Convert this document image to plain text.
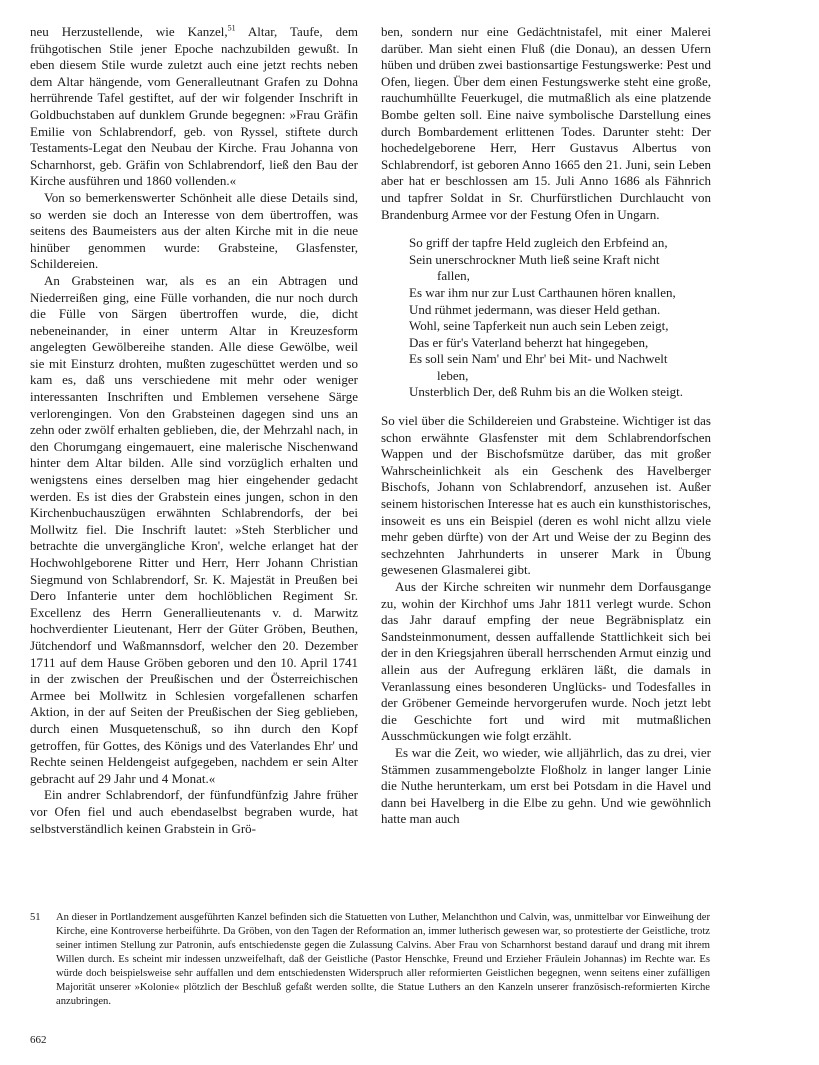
neu Herzustellende, wie Kanzel,$^{51}$ Altar, Taufe, dem frühgotischen Stile jener Epoche nachzubilden gewußt. In eben diesem Stile wurde zuletzt auch eine jetzt rechts neben dem Altar hängende, vom Generalleutnant Grafen zu Dohna herrührende Tafel gestiftet, auf der wir folgender Inschrift in Goldbuchstaben auf dunklem Grunde begegnen: »Frau Gräfin Emilie von Schlabrendorf, geb. von Ryssel, stiftete durch Testaments-Legat den Neubau der Kirche. Frau Johanna von Scharnhorst, geb. Gräfin von Schlabrendorf, ließ den Bau der Kirche ausführen und 1860 vollenden.«

Von so bemerkenswerter Schönheit alle diese Details sind, so werden sie doch an Interesse von dem übertroffen, was seitens des Baumeisters aus der alten Kirche mit in die neue hinüber genommen wurde: Grabsteine, Glasfenster, Schildereien.

An Grabsteinen war, als es an ein Abtragen und Niederreißen ging, eine Fülle vorhanden, die nur noch durch die Fülle von Särgen übertroffen wurde, die, dicht nebeneinander, in einer unterm Altar in Kreuzesform angelegten Gewölbereihe standen. Alle diese Gewölbe, weil sie mit Einsturz drohten, mußten zugeschüttet werden und so kam es, daß uns verschiedene mit mehr oder weniger interessanten Inschriften und Emblemen versehene Särge verlorengingen. Von den Grabsteinen dagegen sind uns an zehn oder zwölf erhalten geblieben, die, der Mehrzahl nach, in den Chorumgang eingemauert, eine malerische Nischenwand hinter dem Altar bilden. Alle sind vorzüglich erhalten und wenigstens eines derselben mag hier eingehender gedacht werden. Es ist dies der Grabstein eines jungen, schon in den Kirchenbuchauszügen erwähnten Schlabrendorfs, der bei Mollwitz fiel. Die Inschrift lautet: »Steh Sterblicher und betrachte die unvergängliche Kron', welche erlanget hat der Hochwohlgeborene Ritter und Herr, Herr Johann Christian Siegmund von Schlabrendorf, Sr. K. Majestät in Preußen bei Dero Infanterie unter dem hochlöblichen Regiment Sr. Excellenz des Herrn Generallieutenants v. d. Marwitz hochverdienter Lieutenant, Herr der Güter Gröben, Beuthen, Jütchendorf und Waßmannsdorf, welcher den 20. Dezember 1711 auf dem Hause Gröben geboren und den 10. April 1741 in der zwischen der Preußischen und der Österreichischen Armee bei Mollwitz in Schlesien vorgefallenen scharfen Aktion, in der auf Seiten der Preußischen der Sieg geblieben, durch einen Musquetenschuß, so ihn durch den Kopf getroffen, für Gottes, des Königs und des Vaterlandes Ehr' und Rechte seinen Heldengeist aufgegeben, nachdem er sein Alter gebracht auf 29 Jahr und 4 Monat.«

Ein andrer Schlabrendorf, der fünfundfünfzig Jahre früher vor Ofen fiel und auch ebendaselbst begraben wurde, hat selbstverständlich keinen Grabstein in Grö-

ben, sondern nur eine Gedächtnistafel, mit einer Malerei darüber. Man sieht einen Fluß (die Donau), an dessen Ufern hüben und drüben zwei bastionsartige Festungswerke: Pest und Ofen, liegen. Über dem einen Festungswerke steht eine große, rauchumhüllte Feuerkugel, die mutmaßlich als eine platzende Bombe gelten soll. Eine naive symbolische Darstellung eines durch Bombardement erlittenen Todes. Darunter steht: Der hochedelgeborene Herr, Herr Gustavus Albertus von Schlabrendorf, ist geboren Anno 1665 den 21. Juni, sein Leben aber hat er beschlossen am 15. Juli Anno 1686 als Fähnrich und tapfrer Soldat in Sr. Churfürstlichen Durchlaucht von Brandenburg Armee vor der Festung Ofen in Ungarn.

So griff der tapfre Held zugleich den Erbfeind an,

Sein unerschrockner Muth ließ seine Kraft nicht
fallen,

Es war ihm nur zur Lust Carthaunen hören knallen,

Und rühmet jedermann, was dieser Held gethan.

Wohl, seine Tapferkeit nun auch sein Leben zeigt,

Das er für's Vaterland beherzt hat hingegeben,

Es soll sein Nam' und Ehr' bei Mit- und Nachwelt
leben,

Unsterblich Der, deß Ruhm bis an die Wolken steigt.

So viel über die Schildereien und Grabsteine. Wichtiger ist das schon erwähnte Glasfenster mit dem Schlabrendorfschen Wappen und der Bischofsmütze darüber, das mit großer Wahrscheinlichkeit als ein Geschenk des Havelberger Bischofs, Johann von Schlabrendorf, anzusehen ist. Außer seinem historischen Interesse hat es auch ein kunsthistorisches, insoweit es uns ein Beispiel (deren es wohl nicht allzu viele mehr geben dürfte) von der Art und Weise der zu Beginn des sechzehnten Jahrhunderts in unserer Mark in Übung gewesenen Glasmalerei gibt.

Aus der Kirche schreiten wir nunmehr dem Dorfausgange zu, wohin der Kirchhof ums Jahr 1811 verlegt wurde. Schon das Jahr darauf empfing der neue Begräbnisplatz ein Sandsteinmonument, dessen auffallende Stattlichkeit sich bei der in den Kriegsjahren überall herrschenden Armut einzig und allein aus der Aufregung erklären läßt, die damals in Veranlassung eines besonderen Unglücks- und Todesfalles in der Gröbener Gemeinde hervorgerufen wurde. Noch jetzt lebt die Geschichte fort und wird mit mutmaßlichen Ausschmückungen wie folgt erzählt.

Es war die Zeit, wo wieder, wie alljährlich, das zu drei, vier Stämmen zusammengebolzte Floßholz in langer langer Linie die Nuthe herunterkam, um erst bei Potsdam in die Havel und dann bei Havelberg in die Elbe zu gehn. Und wie gewöhnlich hatte man auch

51	An dieser in Portlandzement ausgeführten Kanzel befinden sich die Statuetten von Luther, Melanchthon und Calvin, was, unmittelbar vor Einweihung der Kirche, eine Kontroverse herbeiführte. Da Gröben, von den Tagen der Reformation an, immer lutherisch gewesen war, so protestierte der Geistliche, trotz seiner intimen Stellung zur Patronin, aufs entschiedenste gegen die Zulassung Calvins. Aber Frau von Scharnhorst bestand darauf und drang mit ihrem Willen durch. Es scheint mir indessen unzweifelhaft, daß der Geistliche (Pastor Henschke, Freund und Erzieher Fräulein Johannas) im Rechte war. Es würde doch beispielsweise sehr auffallen und dem entschiedensten Widerspruch aller reformierten Geistlichen begegnen, wenn seitens einer zufälligen Majorität unserer »Kolonie« plötzlich der Beschluß gefaßt werden sollte, die Statue Luthers an den Kanzeln unserer französisch-reformierten Kirche anzubringen.
662
